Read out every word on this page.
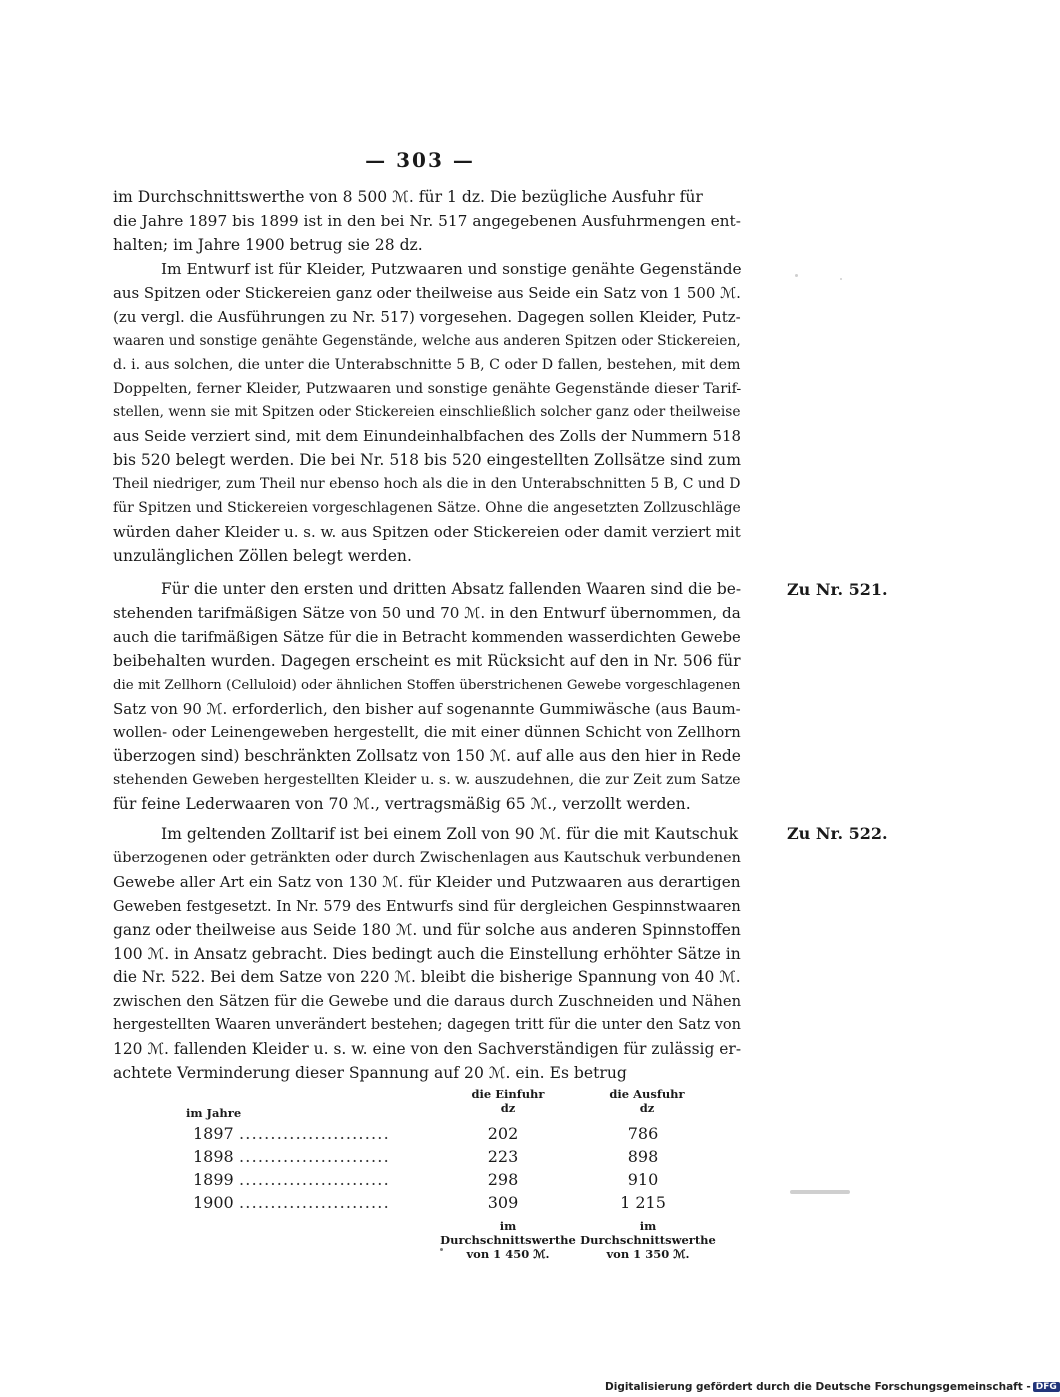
— 303 —
im Durchschnittswerthe von 8 500 ℳ. für 1 dz. Die bezügliche Ausfuhr für
die Jahre 1897 bis 1899 ist in den bei Nr. 517 angegebenen Ausfuhrmengen ent-
halten; im Jahre 1900 betrug sie 28 dz.
Im Entwurf ist für Kleider, Putzwaaren und sonstige genähte Gegenstände
aus Spitzen oder Stickereien ganz oder theilweise aus Seide ein Satz von 1 500 ℳ.
(zu vergl. die Ausführungen zu Nr. 517) vorgesehen. Dagegen sollen Kleider, Putz-
waaren und sonstige genähte Gegenstände, welche aus anderen Spitzen oder Stickereien,
d. i. aus solchen, die unter die Unterabschnitte 5 B, C oder D fallen, bestehen, mit dem
Doppelten, ferner Kleider, Putzwaaren und sonstige genähte Gegenstände dieser Tarif-
stellen, wenn sie mit Spitzen oder Stickereien einschließlich solcher ganz oder theilweise
aus Seide verziert sind, mit dem Einundeinhalbfachen des Zolls der Nummern 518
bis 520 belegt werden. Die bei Nr. 518 bis 520 eingestellten Zollsätze sind zum
Theil niedriger, zum Theil nur ebenso hoch als die in den Unterabschnitten 5 B, C und D
für Spitzen und Stickereien vorgeschlagenen Sätze. Ohne die angesetzten Zollzuschläge
würden daher Kleider u. s. w. aus Spitzen oder Stickereien oder damit verziert mit
unzulänglichen Zöllen belegt werden.
Für die unter den ersten und dritten Absatz fallenden Waaren sind die be-
stehenden tarifmäßigen Sätze von 50 und 70 ℳ. in den Entwurf übernommen, da
auch die tarifmäßigen Sätze für die in Betracht kommenden wasserdichten Gewebe
beibehalten wurden. Dagegen erscheint es mit Rücksicht auf den in Nr. 506 für
die mit Zellhorn (Celluloid) oder ähnlichen Stoffen überstrichenen Gewebe vorgeschlagenen
Satz von 90 ℳ. erforderlich, den bisher auf sogenannte Gummiwäsche (aus Baum-
wollen- oder Leinengeweben hergestellt, die mit einer dünnen Schicht von Zellhorn
überzogen sind) beschränkten Zollsatz von 150 ℳ. auf alle aus den hier in Rede
stehenden Geweben hergestellten Kleider u. s. w. auszudehnen, die zur Zeit zum Satze
für feine Lederwaaren von 70 ℳ., vertragsmäßig 65 ℳ., verzollt werden.
Im geltenden Zolltarif ist bei einem Zoll von 90 ℳ. für die mit Kautschuk
überzogenen oder getränkten oder durch Zwischenlagen aus Kautschuk verbundenen
Gewebe aller Art ein Satz von 130 ℳ. für Kleider und Putzwaaren aus derartigen
Geweben festgesetzt. In Nr. 579 des Entwurfs sind für dergleichen Gespinnstwaaren
ganz oder theilweise aus Seide 180 ℳ. und für solche aus anderen Spinnstoffen
100 ℳ. in Ansatz gebracht. Dies bedingt auch die Einstellung erhöhter Sätze in
die Nr. 522. Bei dem Satze von 220 ℳ. bleibt die bisherige Spannung von 40 ℳ.
zwischen den Sätzen für die Gewebe und die daraus durch Zuschneiden und Nähen
hergestellten Waaren unverändert bestehen; dagegen tritt für die unter den Satz von
120 ℳ. fallenden Kleider u. s. w. eine von den Sachverständigen für zulässig er-
achtete Verminderung dieser Spannung auf 20 ℳ. ein. Es betrug
Zu Nr. 521.
Zu Nr. 522.
im Jahre
die Einfuhr
dz
die Ausfuhr
dz
1897 ........................	202	786
1898 ........................	223	898
1899 ........................	298	910
1900 ........................	309	1 215
im Durchschnittswerthe
von 1 450 ℳ.
im Durchschnittswerthe
von 1 350 ℳ.
Digitalisierung gefördert durch die Deutsche Forschungsgemeinschaft - DFG
